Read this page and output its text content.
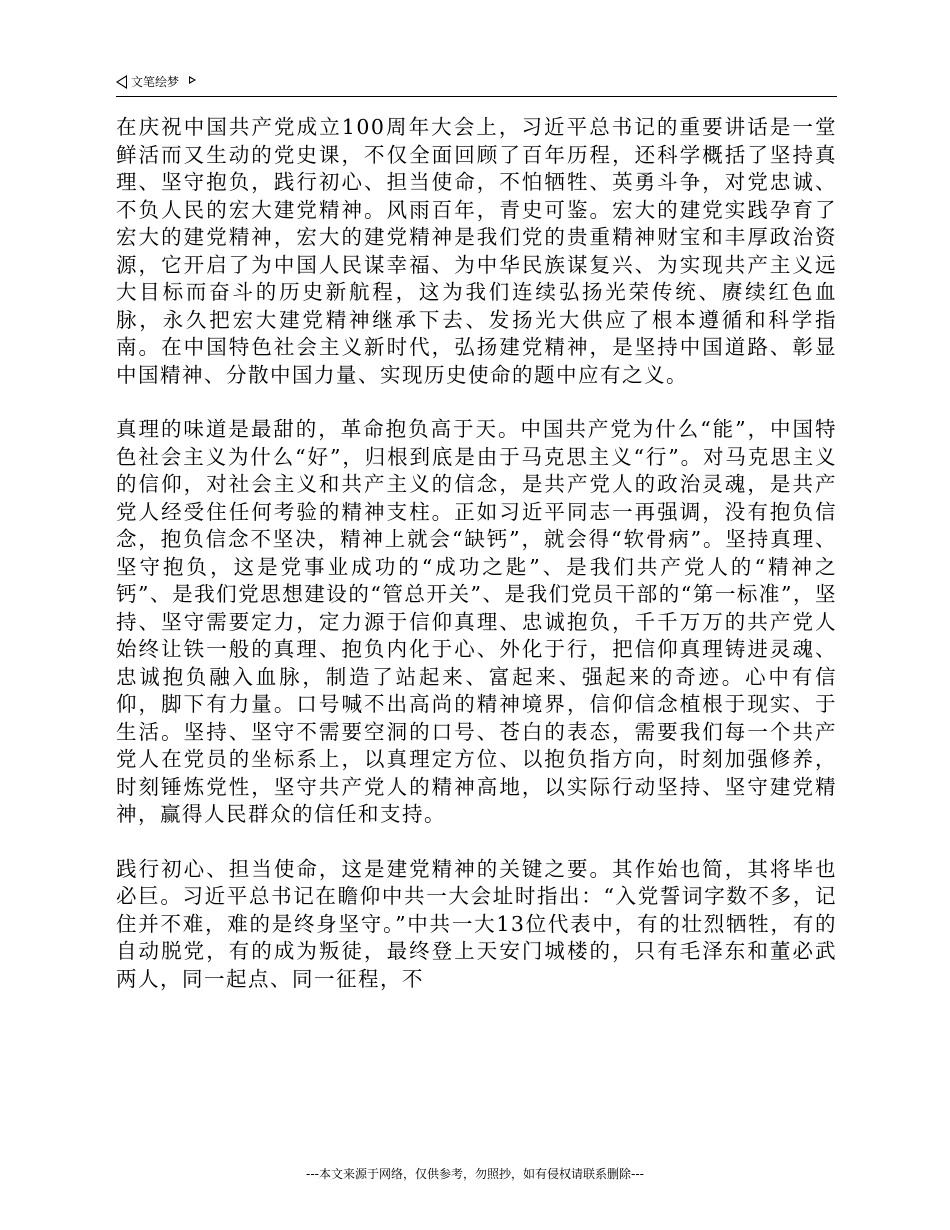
文笔绘梦

在庆祝中国共产党成立100周年大会上，习近平总书记的重要讲话是一堂鲜活而又生动的党史课，不仅全面回顾了百年历程，还科学概括了坚持真理、坚守抱负，践行初心、担当使命，不怕牺牲、英勇斗争，对党忠诚、不负人民的宏大建党精神。风雨百年，青史可鉴。宏大的建党实践孕育了宏大的建党精神，宏大的建党精神是我们党的贵重精神财宝和丰厚政治资源，它开启了为中国人民谋幸福、为中华民族谋复兴、为实现共产主义远大目标而奋斗的历史新航程，这为我们连续弘扬光荣传统、赓续红色血脉，永久把宏大建党精神继承下去、发扬光大供应了根本遵循和科学指南。在中国特色社会主义新时代，弘扬建党精神，是坚持中国道路、彰显中国精神、分散中国力量、实现历史使命的题中应有之义。

真理的味道是最甜的，革命抱负高于天。中国共产党为什么“能”，中国特色社会主义为什么“好”，归根到底是由于马克思主义“行”。对马克思主义的信仰，对社会主义和共产主义的信念，是共产党人的政治灵魂，是共产党人经受住任何考验的精神支柱。正如习近平同志一再强调，没有抱负信念，抱负信念不坚决，精神上就会“缺钙”，就会得“软骨病”。坚持真理、坚守抱负，这是党事业成功的“成功之匙”、是我们共产党人的“精神之钙”、是我们党思想建设的“管总开关”、是我们党员干部的“第一标准”，坚持、坚守需要定力，定力源于信仰真理、忠诚抱负，千千万万的共产党人始终让铁一般的真理、抱负内化于心、外化于行，把信仰真理铸进灵魂、忠诚抱负融入血脉，制造了站起来、富起来、强起来的奇迹。心中有信仰，脚下有力量。口号喊不出高尚的精神境界，信仰信念植根于现实、于生活。坚持、坚守不需要空洞的口号、苍白的表态，需要我们每一个共产党人在党员的坐标系上，以真理定方位、以抱负指方向，时刻加强修养，时刻锤炼党性，坚守共产党人的精神高地，以实际行动坚持、坚守建党精神，赢得人民群众的信任和支持。

践行初心、担当使命，这是建党精神的关键之要。其作始也简，其将毕也必巨。习近平总书记在瞻仰中共一大会址时指出：“入党誓词字数不多，记住并不难，难的是终身坚守。”中共一大13位代表中，有的壮烈牺牲，有的自动脱党，有的成为叛徒，最终登上天安门城楼的，只有毛泽东和董必武两人，同一起点、同一征程，不

---本文来源于网络，仅供参考，勿照抄，如有侵权请联系删除---
